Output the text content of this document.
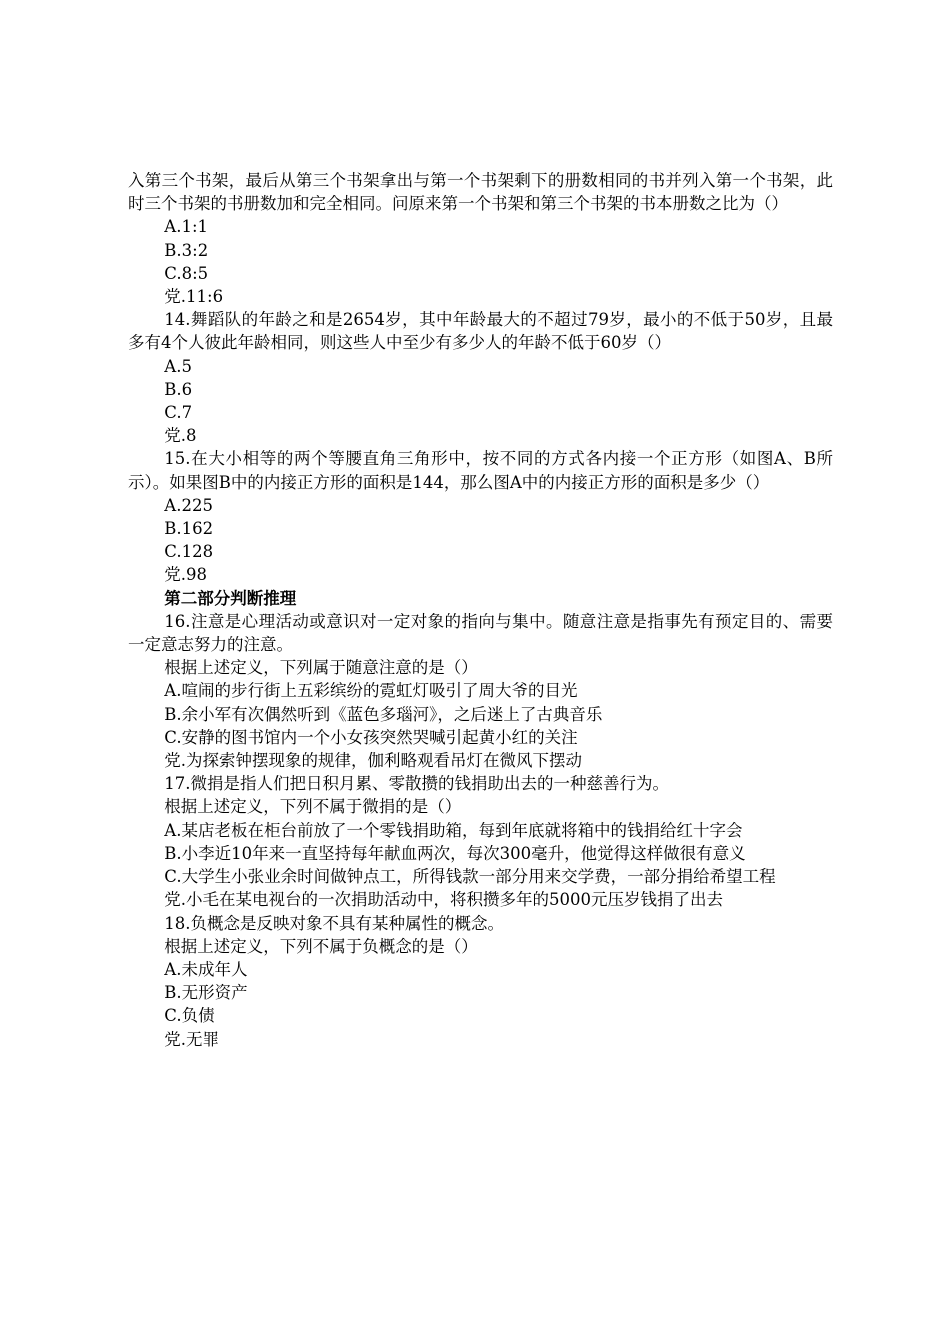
入第三个书架，最后从第三个书架拿出与第一个书架剩下的册数相同的书并列入第一个书架，此时三个书架的书册数加和完全相同。问原来第一个书架和第三个书架的书本册数之比为（）

A.1:1

B.3:2

C.8:5

党.11:6

14.舞蹈队的年龄之和是2654岁，其中年龄最大的不超过79岁，最小的不低于50岁，且最多有4个人彼此年龄相同，则这些人中至少有多少人的年龄不低于60岁（）

A.5

B.6

C.7

党.8

15.在大小相等的两个等腰直角三角形中，按不同的方式各内接一个正方形（如图A、B所示）。如果图B中的内接正方形的面积是144，那么图A中的内接正方形的面积是多少（）

A.225

B.162

C.128

党.98

第二部分判断推理

16.注意是心理活动或意识对一定对象的指向与集中。随意注意是指事先有预定目的、需要一定意志努力的注意。

根据上述定义，下列属于随意注意的是（）

A.喧闹的步行街上五彩缤纷的霓虹灯吸引了周大爷的目光

B.余小军有次偶然听到《蓝色多瑙河》，之后迷上了古典音乐

C.安静的图书馆内一个小女孩突然哭喊引起黄小红的关注

党.为探索钟摆现象的规律，伽利略观看吊灯在微风下摆动

17.微捐是指人们把日积月累、零散攒的钱捐助出去的一种慈善行为。

根据上述定义，下列不属于微捐的是（）

A.某店老板在柜台前放了一个零钱捐助箱，每到年底就将箱中的钱捐给红十字会

B.小李近10年来一直坚持每年献血两次，每次300毫升，他觉得这样做很有意义

C.大学生小张业余时间做钟点工，所得钱款一部分用来交学费，一部分捐给希望工程

党.小毛在某电视台的一次捐助活动中，将积攒多年的5000元压岁钱捐了出去

18.负概念是反映对象不具有某种属性的概念。

根据上述定义，下列不属于负概念的是（）

A.未成年人

B.无形资产

C.负债

党.无罪
